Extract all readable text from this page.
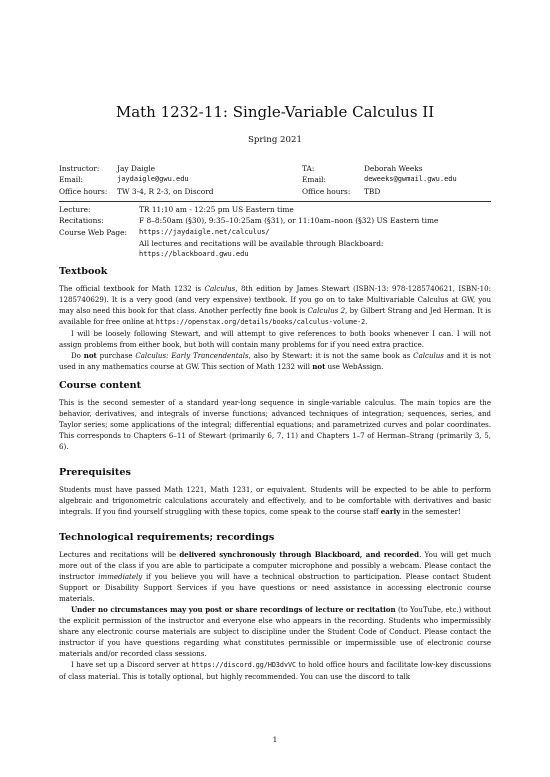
Math 1232-11: Single-Variable Calculus II
Spring 2021
Instructor: Jay Daigle	TA:	Deborah Weeks
Email:	jaydaigle@gwu.edu	Email:	deweeks@gwmail.gwu.edu
Office hours: TW 3-4, R 2-3, on Discord	Office hours: TBD
Lecture:	TR 11:10 am - 12:25 pm US Eastern time
Recitations:	F 8–8:50am (§30), 9:35–10:25am (§31), or 11:10am–noon (§32) US Eastern time
Course Web Page: https://jaydaigle.net/calculus/
All lectures and recitations will be available through Blackboard:
https://blackboard.gwu.edu
Textbook

The official textbook for Math 1232 is Calculus, 8th edition by James Stewart (ISBN-13: 978-1285740621, ISBN-10: 1285740629). It is a very good (and very expensive) textbook. If you go on to take Multivariable Calculus at GW, you may also need this book for that class. Another perfectly fine book is Calculus 2, by Gilbert Strang and Jed Herman. It is available for free online at https://openstax.org/details/books/calculus-volume-2.

I will be loosely following Stewart, and will attempt to give references to both books whenever I can. I will not assign problems from either book, but both will contain many problems for if you need extra practice.

Do not purchase Calculus: Early Trancendentals, also by Stewart: it is not the same book as Calculus and it is not used in any mathematics course at GW. This section of Math 1232 will not use WebAssign.

Course content

This is the second semester of a standard year-long sequence in single-variable calculus. The main topics are the behavior, derivatives, and integrals of inverse functions; advanced techniques of integration; sequences, series, and Taylor series; some applications of the integral; differential equations; and parametrized curves and polar coordinates. This corresponds to Chapters 6–11 of Stewart (primarily 6, 7, 11) and Chapters 1–7 of Herman–Strang (primarily 3, 5, 6).

Prerequisites

Students must have passed Math 1221, Math 1231, or equivalent. Students will be expected to be able to perform algebraic and trigonometric calculations accurately and effectively, and to be comfortable with derivatives and basic integrals. If you find yourself struggling with these topics, come speak to the course staff early in the semester!

Technological requirements; recordings

Lectures and recitations will be delivered synchronously through Blackboard, and recorded. You will get much more out of the class if you are able to participate a computer microphone and possibly a webcam. Please contact the instructor immediately if you believe you will have a technical obstruction to participation. Please contact Student Support or Disability Support Services if you have questions or need assistance in accessing electronic course materials.

Under no circumstances may you post or share recordings of lecture or recitation (to YouTube, etc.) without the explicit permission of the instructor and everyone else who appears in the recording. Students who impermissibly share any electronic course materials are subject to discipline under the Student Code of Conduct. Please contact the instructor if you have questions regarding what constitutes permissible or impermissible use of electronic course materials and/or recorded class sessions.

I have set up a Discord server at https://discord.gg/HD3dvVC to hold office hours and facilitate low-key discussions of class material. This is totally optional, but highly recommended. You can use the discord to talk

1
